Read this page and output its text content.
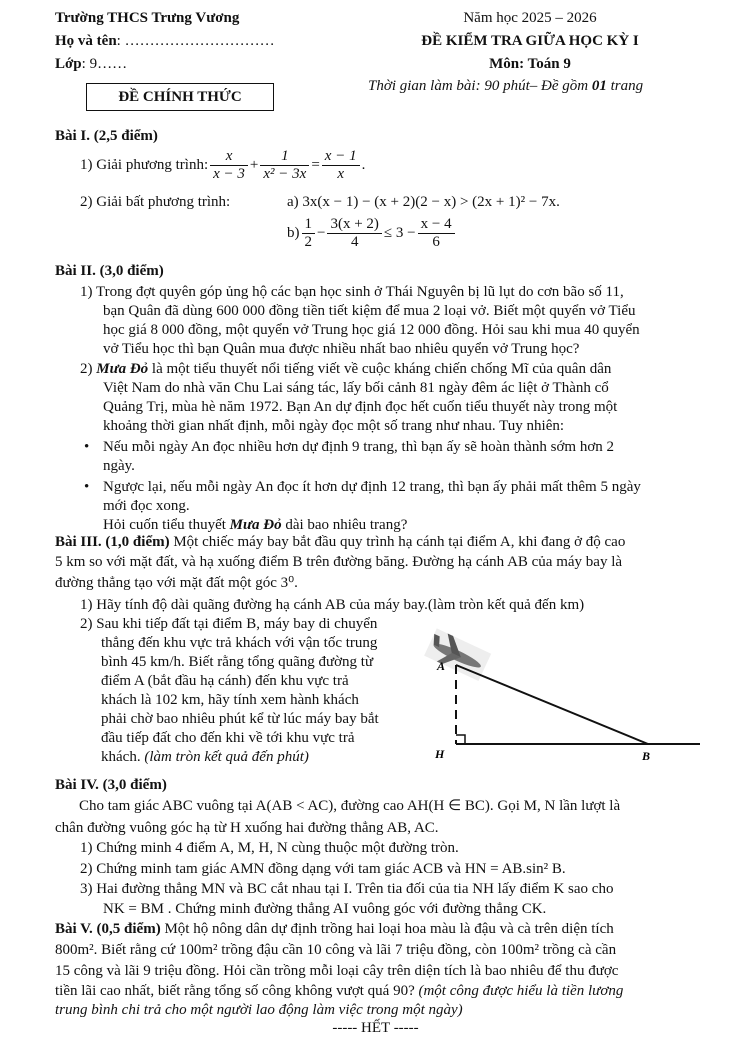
Trường THCS Trưng Vương
Họ và tên: …………………………
Lớp: 9……
ĐỀ CHÍNH THỨC
Năm học 2025 – 2026
ĐỀ KIỂM TRA GIỮA HỌC KỲ I
Môn: Toán 9
Thời gian làm bài: 90 phút– Đề gồm 01 trang
Bài I. (2,5 điểm)
1) Giải phương trình: $\frac{x}{x - 3} + \frac{1}{\text{x² − 3x}} = \frac{x - 1}{x}$ .
2) Giải bất phương trình:	a) 3x(x − 1) − (x + 2)(2 − x) > (2x + 1)² − 7x.
$b) \frac{1}{2} - \frac{3(x + 2)}{4} \le 3 - \frac{x - 4}{6}$
Bài II. (3,0 điểm)
1) Trong đợt quyên góp ủng hộ các bạn học sinh ở Thái Nguyên bị lũ lụt do cơn bão số 11,
bạn Quân đã dùng 600 000 đồng tiền tiết kiệm để mua 2 loại vở. Biết một quyển vở Tiểu
học giá 8 000 đồng, một quyển vở Trung học giá 12 000 đồng. Hỏi sau khi mua 40 quyển
vở Tiểu học thì bạn Quân mua được nhiều nhất bao nhiêu quyển vở Trung học?
2) Mưa Đỏ là một tiểu thuyết nổi tiếng viết về cuộc kháng chiến chống Mĩ của quân dân
Việt Nam do nhà văn Chu Lai sáng tác, lấy bối cảnh 81 ngày đêm ác liệt ở Thành cổ
Quảng Trị, mùa hè năm 1972. Bạn An dự định đọc hết cuốn tiểu thuyết này trong một
khoảng thời gian nhất định, mỗi ngày đọc một số trang như nhau. Tuy nhiên:
• Nếu mỗi ngày An đọc nhiều hơn dự định 9 trang, thì bạn ấy sẽ hoàn thành sớm hơn 2
ngày.
• Ngược lại, nếu mỗi ngày An đọc ít hơn dự định 12 trang, thì bạn ấy phải mất thêm 5 ngày
mới đọc xong.
Hỏi cuốn tiểu thuyết Mưa Đỏ dài bao nhiêu trang?
Bài III. (1,0 điểm) Một chiếc máy bay bắt đầu quy trình hạ cánh tại điểm A, khi đang ở độ cao
5 km so với mặt đất, và hạ xuống điểm B trên đường băng. Đường hạ cánh AB của máy bay là
đường thẳng tạo với mặt đất một góc 3⁰.
1) Hãy tính độ dài quãng đường hạ cánh AB của máy bay.(làm tròn kết quả đến km)
2) Sau khi tiếp đất tại điểm B, máy bay di chuyển
thẳng đến khu vực trả khách với vận tốc trung
bình 45 km/h. Biết rằng tổng quãng đường từ
điểm A (bắt đầu hạ cánh) đến khu vực trả
khách là 102 km, hãy tính xem hành khách
phải chờ bao nhiêu phút kể từ lúc máy bay bắt
đầu tiếp đất cho đến khi về tới khu vực trả
khách. (làm tròn kết quả đến phút)
A
H	B
Bài IV. (3,0 điểm)
Cho tam giác ABC vuông tại A(AB < AC), đường cao AH(H ∈ BC). Gọi M, N lần lượt là
chân đường vuông góc hạ từ H xuống hai đường thẳng AB, AC.
1) Chứng minh 4 điểm A, M, H, N cùng thuộc một đường tròn.
2) Chứng minh tam giác AMN đồng dạng với tam giác ACB và HN = AB.sin² B.
3) Hai đường thẳng MN và BC cắt nhau tại I. Trên tia đối của tia NH lấy điểm K sao cho
NK = BM . Chứng minh đường thẳng AI vuông góc với đường thẳng CK.
Bài V. (0,5 điểm) Một hộ nông dân dự định trồng hai loại hoa màu là đậu và cà trên diện tích
800m². Biết rằng cứ 100m² trồng đậu cần 10 công và lãi 7 triệu đồng, còn 100m² trồng cà cần
15 công và lãi 9 triệu đồng. Hỏi cần trồng mỗi loại cây trên diện tích là bao nhiêu để thu được
tiền lãi cao nhất, biết rằng tổng số công không vượt quá 90? (một công được hiểu là tiền lương
trung bình chi trả cho một người lao động làm việc trong một ngày)
----- HẾT -----
